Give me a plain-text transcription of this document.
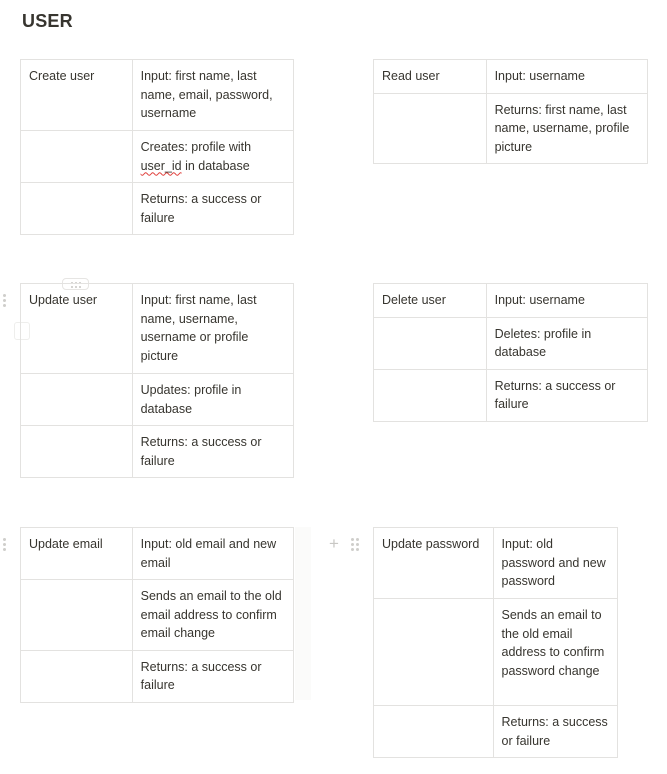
USER
Create user	Input: first name, last name, email, password, username
	Creates: profile with user_id in database
	Returns: a success or failure
Read user	Input: username
	Returns: first name, last name, username, profile picture
Update user	Input: first name, last name, username, username or profile picture
	Updates: profile in database
	Returns: a success or failure
Delete user	Input: username
	Deletes: profile in database
	Returns: a success or failure
Update email	Input: old email and new email
	Sends an email to the old email address to confirm email change
	Returns: a success or failure
+	Update password	Input: old password and new password
	Sends an email to the old email address to confirm password change
	Returns: a success or failure
